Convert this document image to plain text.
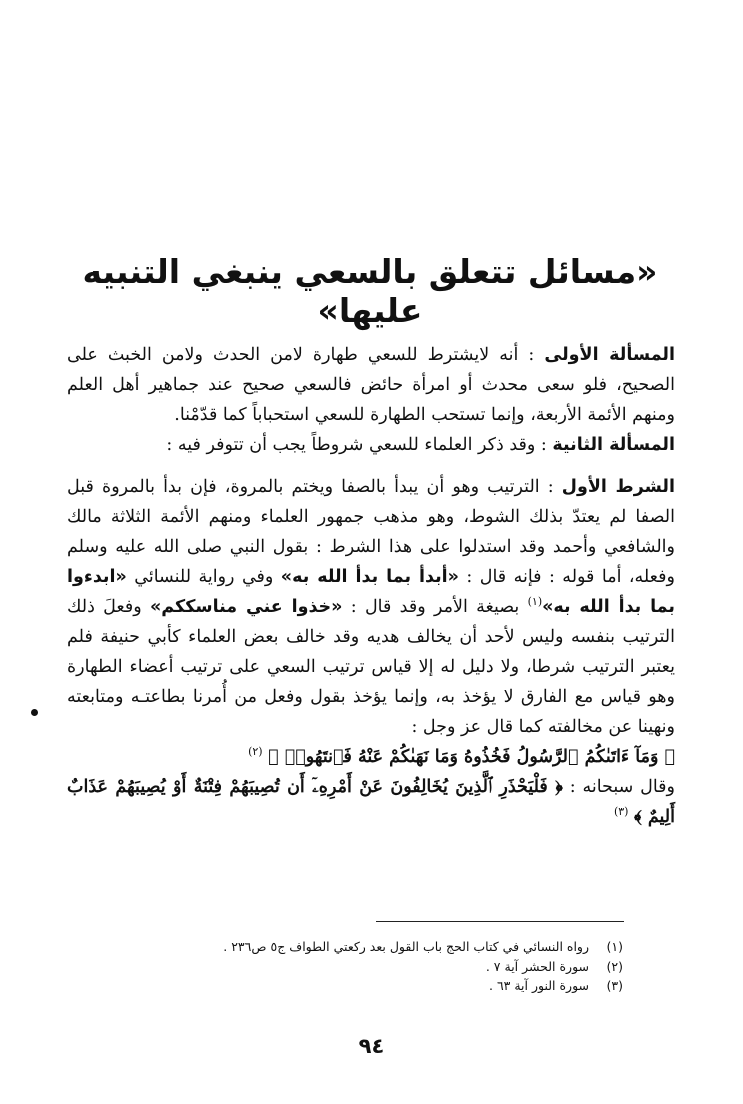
«مسائل تتعلق بالسعي ينبغي التنبيه عليها»

المسألة الأولى : أنه لايشترط للسعي طهارة لامن الحدث ولامن الخبث على الصحيح، فلو سعى محدث أو امرأة حائض فالسعي صحيح عند جماهير أهل العلم ومنهم الأئمة الأربعة، وإنما تستحب الطهارة للسعي استحباباً كما قدّمْنا.

المسألة الثانية : وقد ذكر العلماء للسعي شروطاً يجب أن تتوفر فيه :

الشرط الأول : الترتيب وهو أن يبدأ بالصفا ويختم بالمروة، فإن بدأ بالمروة قبل الصفا لم يعتدّ بذلك الشوط، وهو مذهب جمهور العلماء ومنهم الأئمة الثلاثة مالك والشافعي وأحمد وقد استدلوا على هذا الشرط : بقول النبي صلى الله عليه وسلم وفعله، أما قوله : فإنه قال : «أبدأ بما بدأ الله به» وفي رواية للنسائي «ابدءوا بما بدأ الله به»$^{(١)}$ بصيغة الأمر وقد قال : «خذوا عني مناسككم» وفعلَ ذلك الترتيب بنفسه وليس لأحد أن يخالف هديه وقد خالف بعض العلماء كأبي حنيفة فلم يعتبر الترتيب شرطا، ولا دليل له إلا قياس ترتيب السعي على ترتيب أعضاء الطهارة وهو قياس مع الفارق لا يؤخذ به، وإنما يؤخذ بقول وفعل من أُمرنا بطاعتـه ومتابعته ونهينا عن مخالفته كما قال عز وجل :

﴿ وَمَآ ءَاتَىٰكُمُ ٱلرَّسُولُ فَخُذُوهُ وَمَا نَهَىٰكُمْ عَنْهُ فَٱنتَهُوا۟ ﴾ $^{(٢)}$

وقال سبحانه : ﴿ فَلْيَحْذَرِ ٱلَّذِينَ يُخَالِفُونَ عَنْ أَمْرِهِۦٓ أَن تُصِيبَهُمْ فِتْنَةٌ أَوْ يُصِيبَهُمْ عَذَابٌ أَلِيمٌ ﴾ $^{(٣)}$

(١) رواه النسائي في كتاب الحج باب القول بعد ركعتي الطواف ج٥ ص٢٣٦ .
(٢) سورة الحشر آية ٧ .
(٣) سورة النور آية ٦٣ .
٩٤
